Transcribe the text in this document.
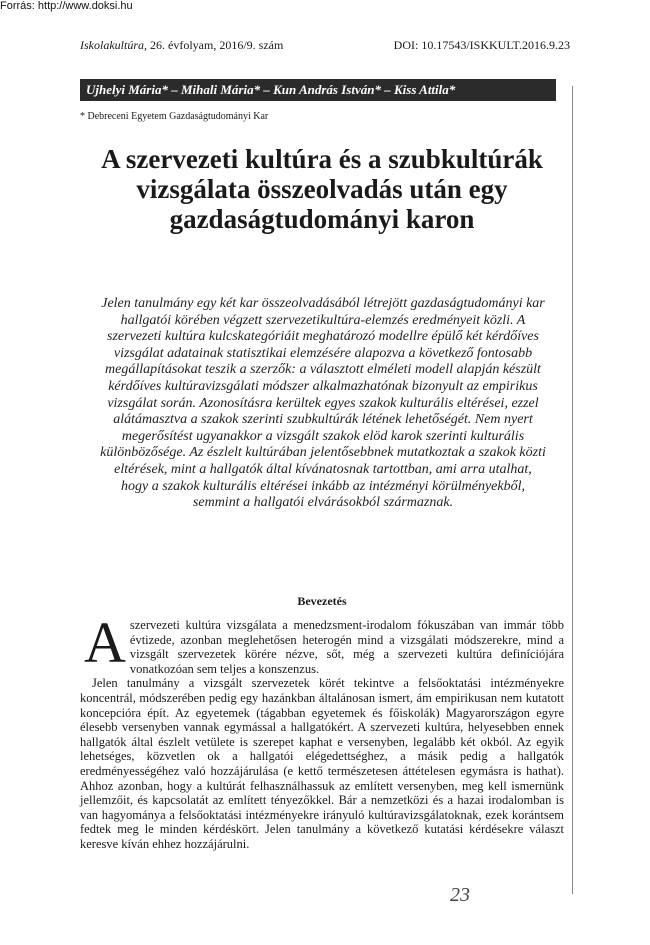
Forrás: http://www.doksi.hu
Iskolakultúra, 26. évfolyam, 2016/9. szám	DOI: 10.17543/ISKKULT.2016.9.23
Ujhelyi Mária* – Mihali Mária* – Kun András István* – Kiss Attila*
* Debreceni Egyetem Gazdaságtudományi Kar
A szervezeti kultúra és a szubkultúrák vizsgálata összeolvadás után egy gazdaságtudományi karon
Jelen tanulmány egy két kar összeolvadásából létrejött gazdaságtudományi kar hallgatói körében végzett szervezetikultúra-elemzés eredményeit közli. A szervezeti kultúra kulcskategóriáit meghatározó modellre épülő két kérdőíves vizsgálat adatainak statisztikai elemzésére alapozva a következő fontosabb megállapításokat teszik a szerzők: a választott elméleti modell alapján készült kérdőíves kultúravizsgálati módszer alkalmazhatónak bizonyult az empirikus vizsgálat során. Azonosításra kerültek egyes szakok kulturális eltérései, ezzel alátámasztva a szakok szerinti szubkultúrák létének lehetőségét. Nem nyert megerősítést ugyanakkor a vizsgált szakok elöd karok szerinti kulturális különbözősége. Az észlelt kultúrában jelentősebbnek mutatkoztak a szakok közti eltérések, mint a hallgatók által kívánatosnak tartottban, ami arra utalhat, hogy a szakok kulturális eltérései inkább az intézményi körülményekből, semmint a hallgatói elvárásokból származnak.
Bevezetés

A szervezeti kultúra vizsgálata a menedzsment-irodalom fókuszában van immár több évtizede, azonban meglehetősen heterogén mind a vizsgálati módszerekre, mind a vizsgált szervezetek körére nézve, sőt, még a szervezeti kultúra definíciójára vonatkozóan sem teljes a konszenzus.

Jelen tanulmány a vizsgált szervezetek körét tekintve a felsőoktatási intézményekre koncentrál, módszerében pedig egy hazánkban általánosan ismert, ám empirikusan nem kutatott koncepcióra épít. Az egyetemek (tágabban egyetemek és főiskolák) Magyarországon egyre élesebb versenyben vannak egymással a hallgatókért. A szervezeti kultúra, helyesebben ennek hallgatók által észlelt vetülete is szerepet kaphat e versenyben, legalább két okból. Az egyik lehetséges, közvetlen ok a hallgatói elégedettséghez, a másik pedig a hallgatók eredményességéhez való hozzájárulása (e kettő természetesen áttételesen egymásra is hathat). Ahhoz azonban, hogy a kultúrát felhasználhassuk az említett versenyben, meg kell ismernünk jellemzőit, és kapcsolatát az említett tényezőkkel. Bár a nemzetközi és a hazai irodalomban is van hagyománya a felsőoktatási intézményekre irányuló kultúravizsgálatoknak, ezek korántsem fedtek meg le minden kérdéskört. Jelen tanulmány a következő kutatási kérdésekre választ keresve kíván ehhez hozzájárulni.

23
